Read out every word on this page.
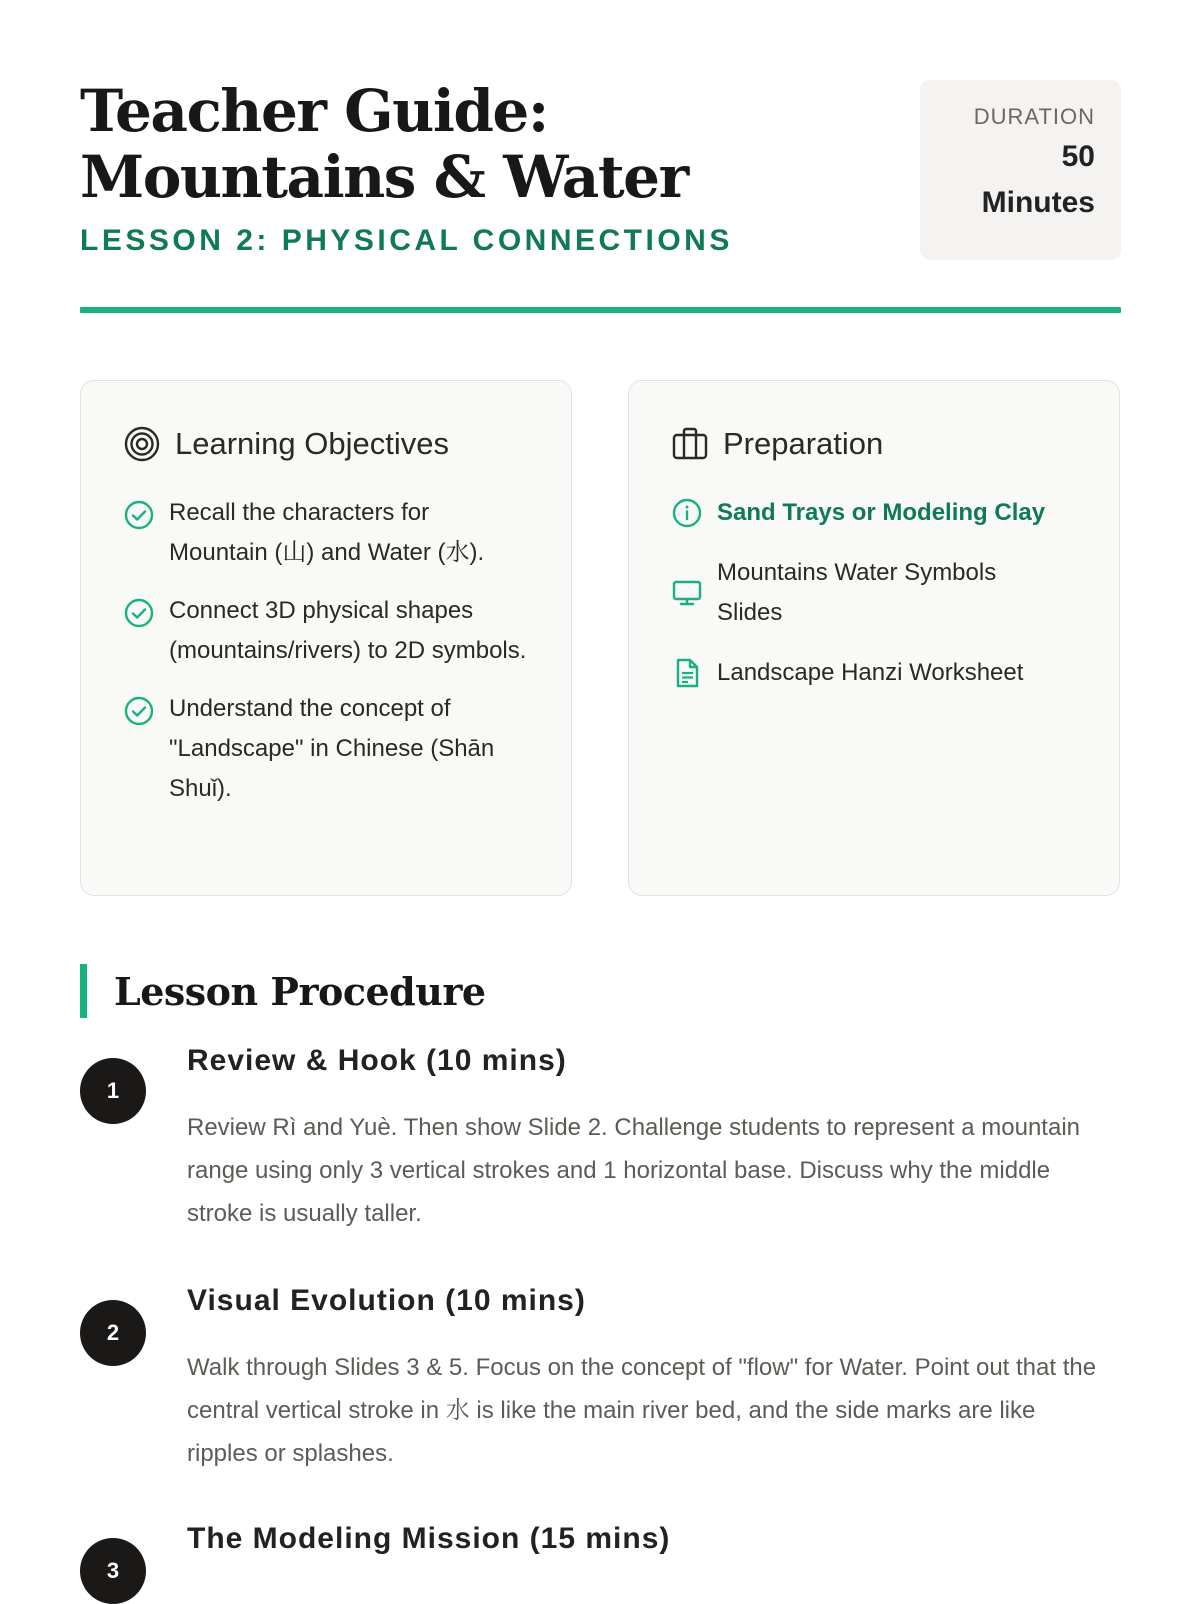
Teacher Guide: Mountains & Water
LESSON 2: PHYSICAL CONNECTIONS
DURATION
50
Minutes
Learning Objectives
Recall the characters for Mountain (山) and Water (水).
Connect 3D physical shapes (mountains/rivers) to 2D symbols.
Understand the concept of "Landscape" in Chinese (Shān Shuǐ).
Preparation
Sand Trays or Modeling Clay
Mountains Water Symbols Slides
Landscape Hanzi Worksheet
Lesson Procedure
1
Review & Hook (10 mins)
Review Rì and Yuè. Then show Slide 2. Challenge students to represent a mountain range using only 3 vertical strokes and 1 horizontal base. Discuss why the middle stroke is usually taller.
2
Visual Evolution (10 mins)
Walk through Slides 3 & 5. Focus on the concept of "flow" for Water. Point out that the central vertical stroke in 水 is like the main river bed, and the side marks are like ripples or splashes.
3
The Modeling Mission (15 mins)
